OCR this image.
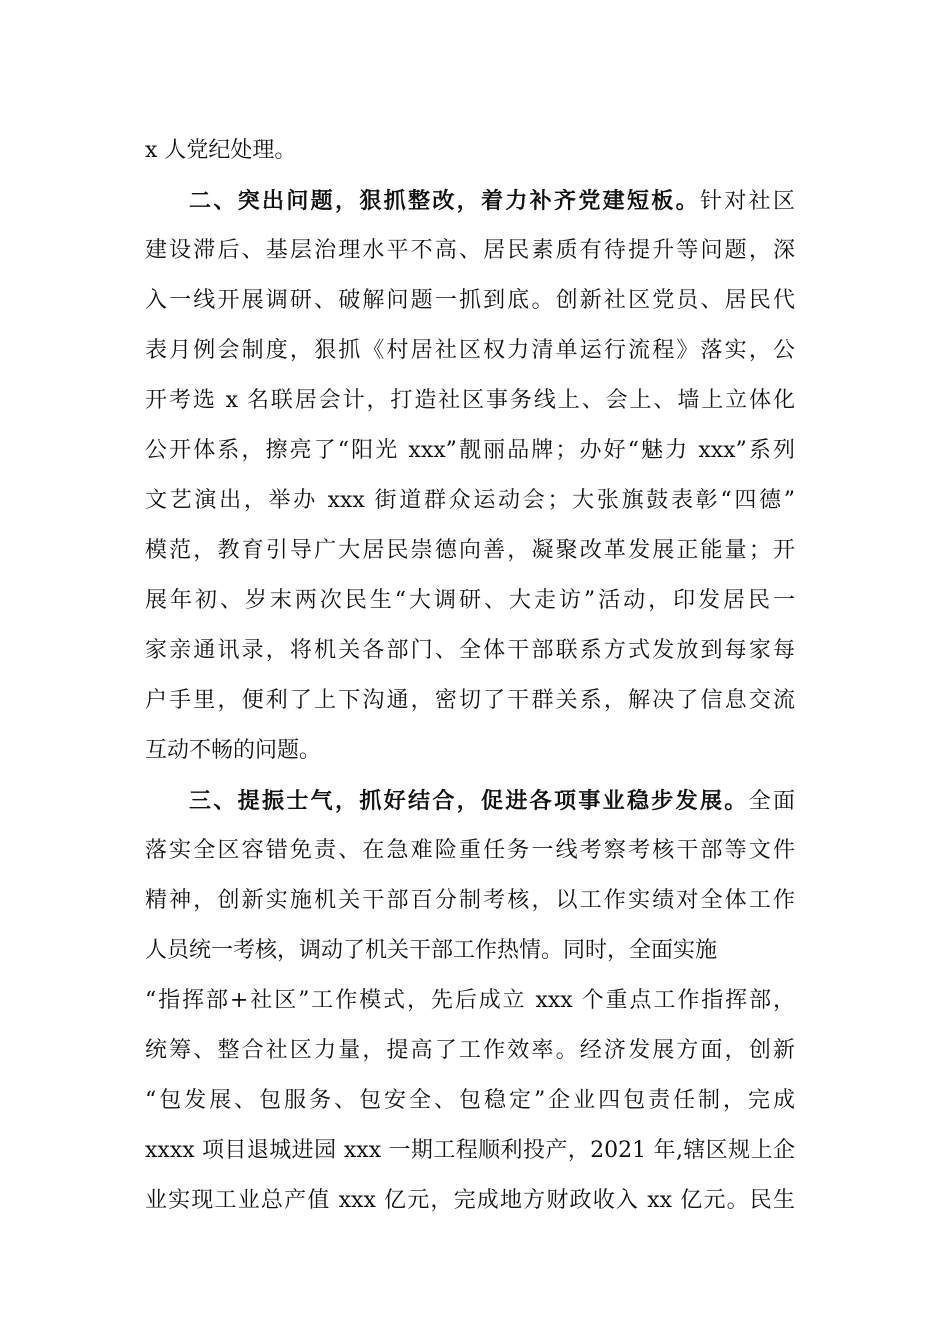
x 人党纪处理。
二、突出问题，狠抓整改，着力补齐党建短板。针对社区
建设滞后、基层治理水平不高、居民素质有待提升等问题，深
入一线开展调研、破解问题一抓到底。创新社区党员、居民代
表月例会制度，狠抓《村居社区权力清单运行流程》落实，公
开考选 x 名联居会计，打造社区事务线上、会上、墙上立体化
公开体系，擦亮了“阳光 xxx”靓丽品牌；办好“魅力 xxx”系列
文艺演出，举办 xxx 街道群众运动会；大张旗鼓表彰“四德”
模范，教育引导广大居民崇德向善，凝聚改革发展正能量；开
展年初、岁末两次民生“大调研、大走访”活动，印发居民一
家亲通讯录，将机关各部门、全体干部联系方式发放到每家每
户手里，便利了上下沟通，密切了干群关系，解决了信息交流
互动不畅的问题。
三、提振士气，抓好结合，促进各项事业稳步发展。全面
落实全区容错免责、在急难险重任务一线考察考核干部等文件
精神，创新实施机关干部百分制考核，以工作实绩对全体工作
人员统一考核，调动了机关干部工作热情。同时，全面实施
“指挥部+社区”工作模式，先后成立 xxx 个重点工作指挥部，
统筹、整合社区力量，提高了工作效率。经济发展方面，创新
“包发展、包服务、包安全、包稳定”企业四包责任制，完成
xxxx 项目退城进园 xxx 一期工程顺利投产，2021 年,辖区规上企
业实现工业总产值 xxx 亿元，完成地方财政收入 xx 亿元。民生
